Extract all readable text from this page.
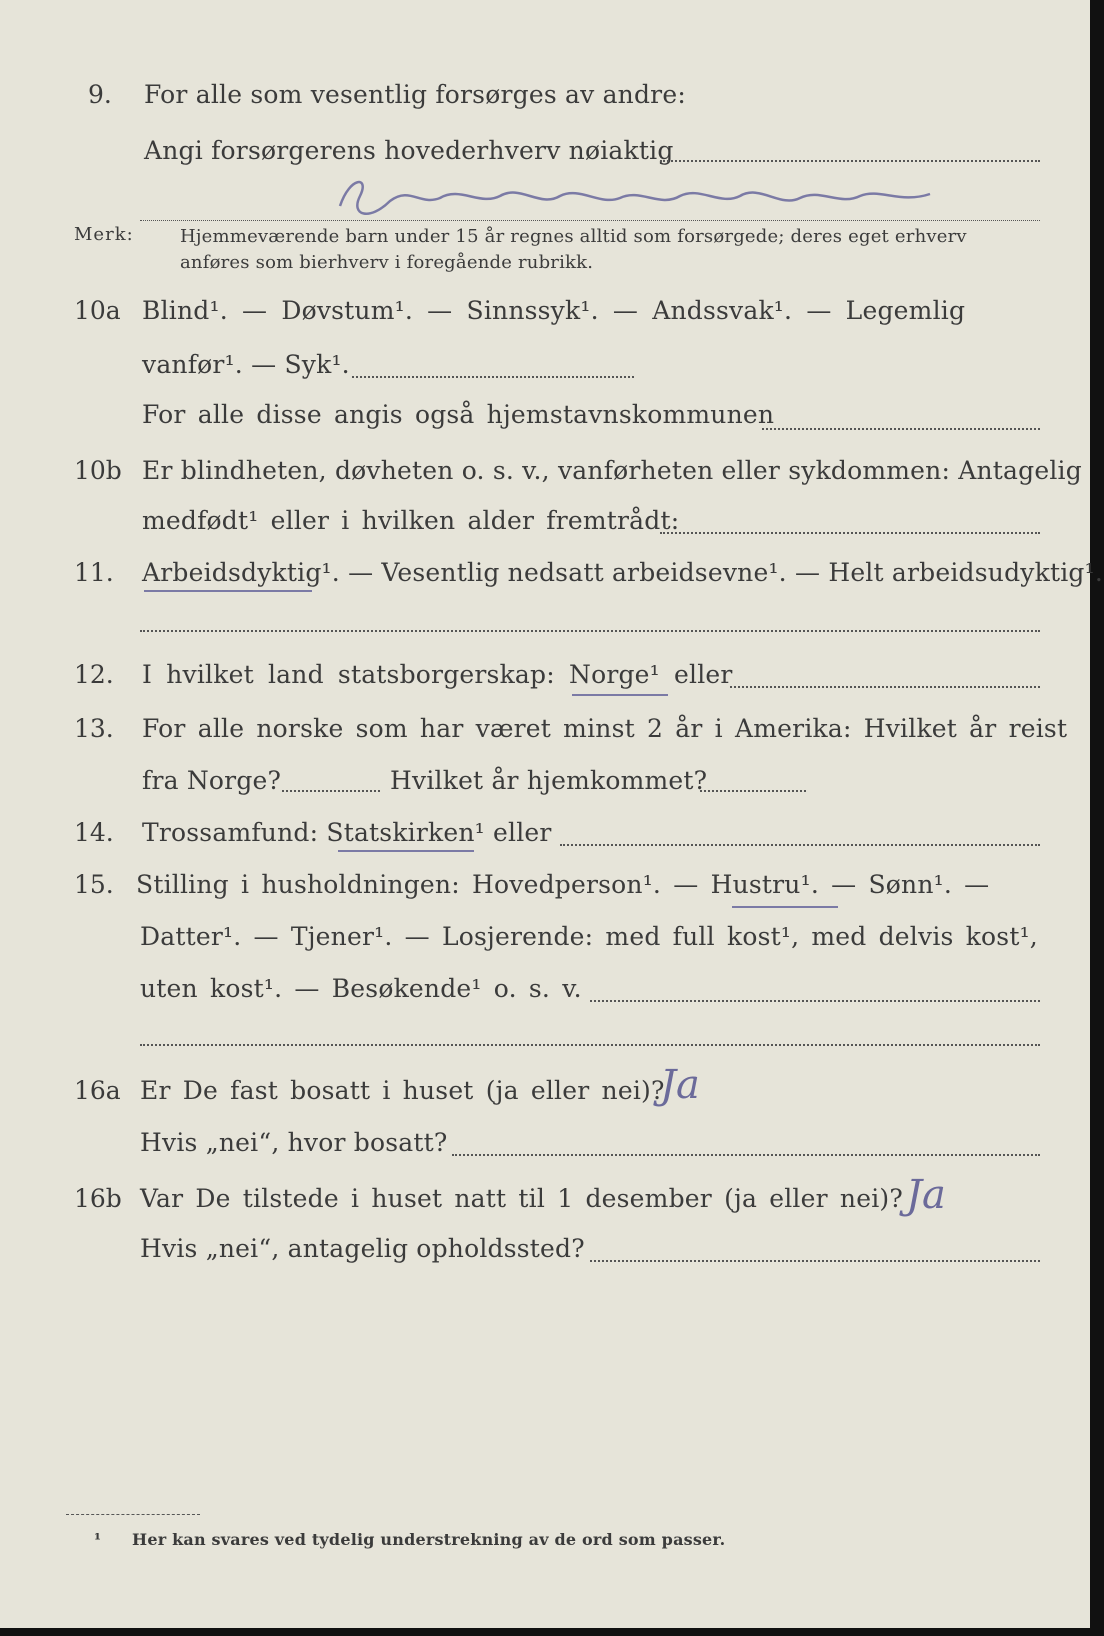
9. For alle som vesentlig forsørges av andre:
Angi forsørgerens hovederhverv nøiaktig
Merk:	Hjemmeværende barn under 15 år regnes alltid som forsørgede; deres eget erhverv
anføres som bierhverv i foregående rubrikk.
10a Blind¹. — Døvstum¹. — Sinnssyk¹. — Andssvak¹. — Legemlig
vanfør¹. — Syk¹.
For alle disse angis også hjemstavnskommunen
10b Er blindheten, døvheten o. s. v., vanførheten eller sykdommen: Antagelig
medfødt¹ eller i hvilken alder fremtrådt:
11. Arbeidsdyktig¹. — Vesentlig nedsatt arbeidsevne¹. — Helt arbeidsudyktig¹.
12. I hvilket land statsborgerskap: Norge¹ eller
13. For alle norske som har været minst 2 år i Amerika: Hvilket år reist
fra Norge?	Hvilket år hjemkommet?
14. Trossamfund: Statskirken¹ eller
15. Stilling i husholdningen: Hovedperson¹. — Hustru¹. — Sønn¹. —
Datter¹. — Tjener¹. — Losjerende: med full kost¹, med delvis kost¹,
uten kost¹. — Besøkende¹ o. s. v.
16a Er De fast bosatt i huset (ja eller nei)?
Ja
Hvis „nei“, hvor bosatt?
16b Var De tilstede i huset natt til 1 desember (ja eller nei)? Ja
Hvis „nei“, antagelig opholdssted?
¹ Her kan svares ved tydelig understrekning av de ord som passer.
